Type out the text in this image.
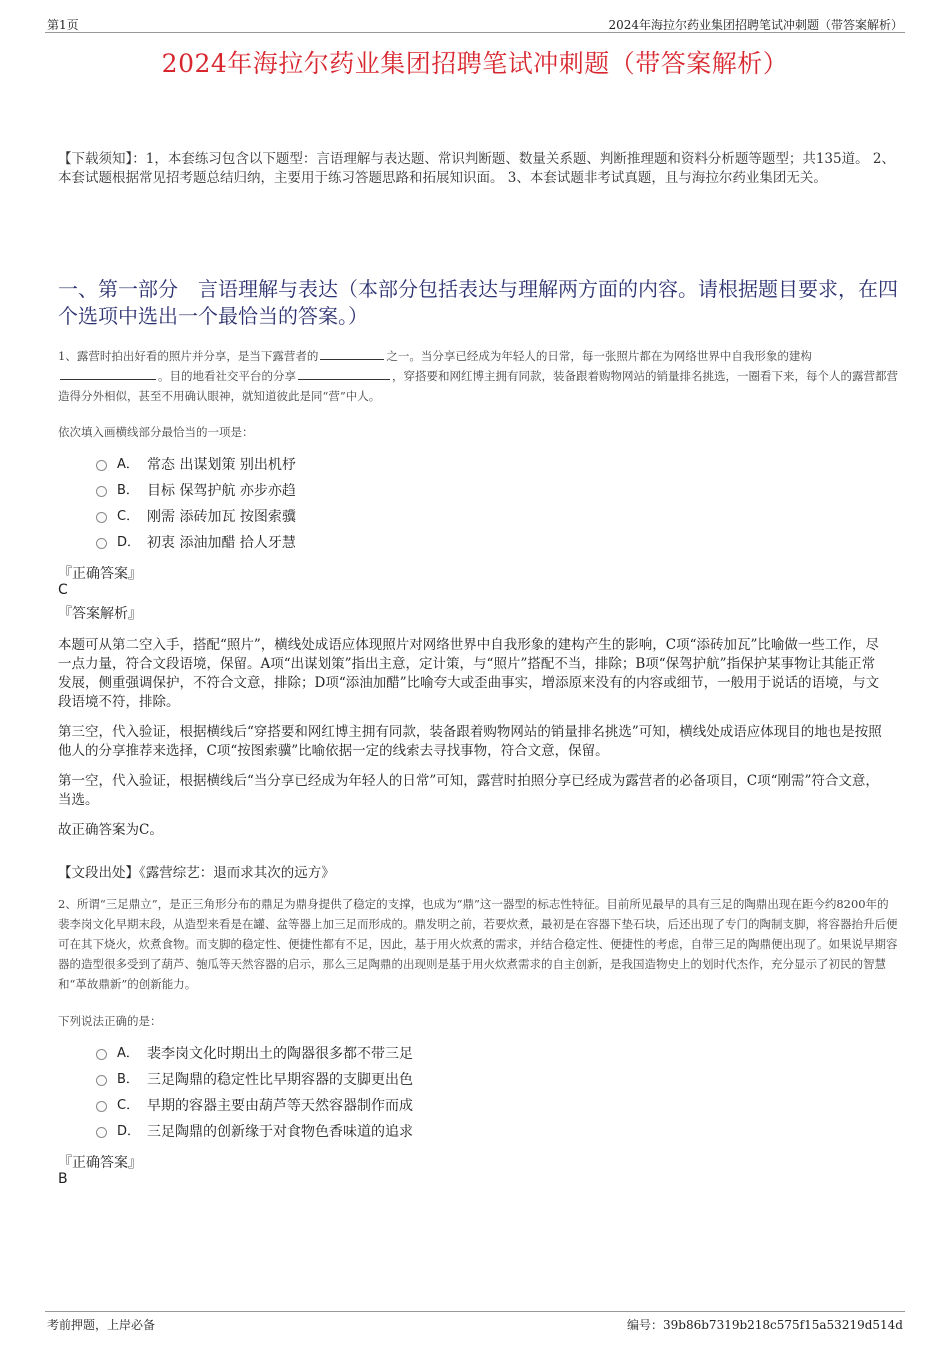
第1页	2024年海拉尔药业集团招聘笔试冲刺题（带答案解析）
2024年海拉尔药业集团招聘笔试冲刺题（带答案解析）
【下载须知】：1，本套练习包含以下题型：言语理解与表达题、常识判断题、数量关系题、判断推理题和资料分析题等题型；共135道。 2、本套试题根据常见招考题总结归纳，主要用于练习答题思路和拓展知识面。 3、本套试题非考试真题，且与海拉尔药业集团无关。
一、第一部分　言语理解与表达（本部分包括表达与理解两方面的内容。请根据题目要求，在四个选项中选出一个最恰当的答案。）
1、露营时拍出好看的照片并分享，是当下露营者的	之一。当分享已经成为年轻人的日常，每一张照片都在为网络世界中自我形象的建构。目的地看社交平台的分享	，穿搭要和网红博主拥有同款，装备跟着购物网站的销量排名挑选，一圈看下来，每个人的露营都营造得分外相似，甚至不用确认眼神，就知道彼此是同“营”中人。
依次填入画横线部分最恰当的一项是：
A． 常态 出谋划策 别出机杼
B． 目标 保驾护航 亦步亦趋
C． 刚需 添砖加瓦 按图索骥
D． 初衷 添油加醋 拾人牙慧
『正确答案』
C
『答案解析』

本题可从第二空入手，搭配“照片”，横线处成语应体现照片对网络世界中自我形象的建构产生的影响，C项“添砖加瓦”比喻做一些工作，尽一点力量，符合文段语境，保留。A项“出谋划策”指出主意，定计策，与“照片”搭配不当，排除；B项“保驾护航”指保护某事物让其能正常发展，侧重强调保护，不符合文意，排除；D项“添油加醋”比喻夸大或歪曲事实，增添原来没有的内容或细节，一般用于说话的语境，与文段语境不符，排除。

第三空，代入验证，根据横线后“穿搭要和网红博主拥有同款，装备跟着购物网站的销量排名挑选”可知，横线处成语应体现目的地也是按照他人的分享推荐来选择，C项“按图索骥”比喻依据一定的线索去寻找事物，符合文意，保留。

第一空，代入验证，根据横线后“当分享已经成为年轻人的日常”可知，露营时拍照分享已经成为露营者的必备项目，C项“刚需”符合文意，当选。

故正确答案为C。

【文段出处】《露营综艺：退而求其次的远方》
2、所谓“三足鼎立”，是正三角形分布的鼎足为鼎身提供了稳定的支撑，也成为“鼎”这一器型的标志性特征。目前所见最早的具有三足的陶鼎出现在距今约8200年的裴李岗文化早期末段，从造型来看是在罐、盆等器上加三足而形成的。鼎发明之前，若要炊煮，最初是在容器下垫石块，后还出现了专门的陶制支脚，将容器抬升后便可在其下烧火，炊煮食物。而支脚的稳定性、便捷性都有不足，因此，基于用火炊煮的需求，并结合稳定性、便捷性的考虑，自带三足的陶鼎便出现了。如果说早期容器的造型很多受到了葫芦、匏瓜等天然容器的启示，那么三足陶鼎的出现则是基于用火炊煮需求的自主创新，是我国造物史上的划时代杰作，充分显示了初民的智慧和“革故鼎新”的创新能力。
下列说法正确的是：
A． 裴李岗文化时期出土的陶器很多都不带三足
B． 三足陶鼎的稳定性比早期容器的支脚更出色
C． 早期的容器主要由葫芦等天然容器制作而成
D． 三足陶鼎的创新缘于对食物色香味道的追求
『正确答案』
B
考前押题，上岸必备	编号：39b86b7319b218c575f15a53219d514d
